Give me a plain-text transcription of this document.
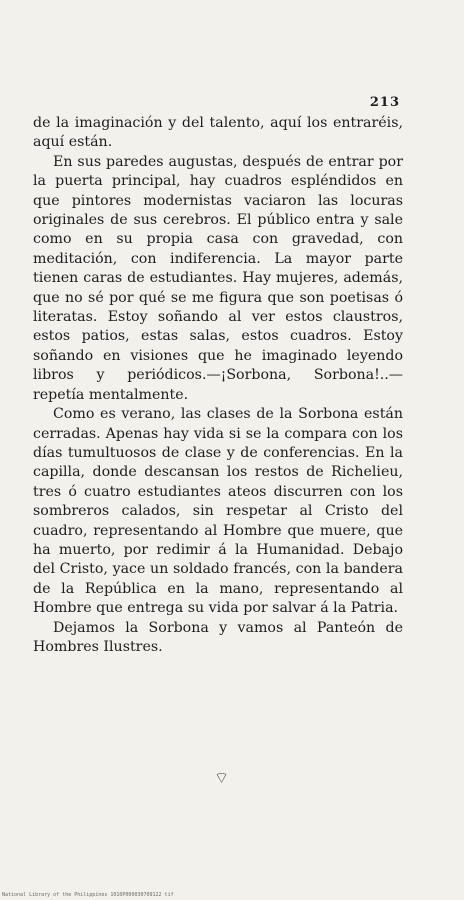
213

de la imaginación y del talento, aquí los entraréis, aquí están.

En sus paredes augustas, después de entrar por la puerta principal, hay cuadros espléndidos en que pintores modernistas vaciaron las locuras originales de sus cerebros. El público entra y sale como en su propia casa con gravedad, con meditación, con indiferencia. La mayor parte tienen caras de estudiantes. Hay mujeres, además, que no sé por qué se me figura que son poetisas ó literatas. Estoy soñando al ver estos claustros, estos patios, estas salas, estos cuadros. Estoy soñando en visiones que he imaginado leyendo libros y periódicos.—¡Sorbona, Sorbona!..— repetía mentalmente.

Como es verano, las clases de la Sorbona están cerradas. Apenas hay vida si se la compara con los días tumultuosos de clase y de conferencias. En la capilla, donde descansan los restos de Richelieu, tres ó cuatro estudiantes ateos discurren con los sombreros calados, sin respetar al Cristo del cuadro, representando al Hombre que muere, que ha muerto, por redimir á la Humanidad. Debajo del Cristo, yace un soldado francés, con la bandera de la República en la mano, representando al Hombre que entrega su vida por salvar á la Patria.

Dejamos la Sorbona y vamos al Panteón de Hombres Ilustres.

⌔
National Library of the Philippines 1010P000030709122 tif
